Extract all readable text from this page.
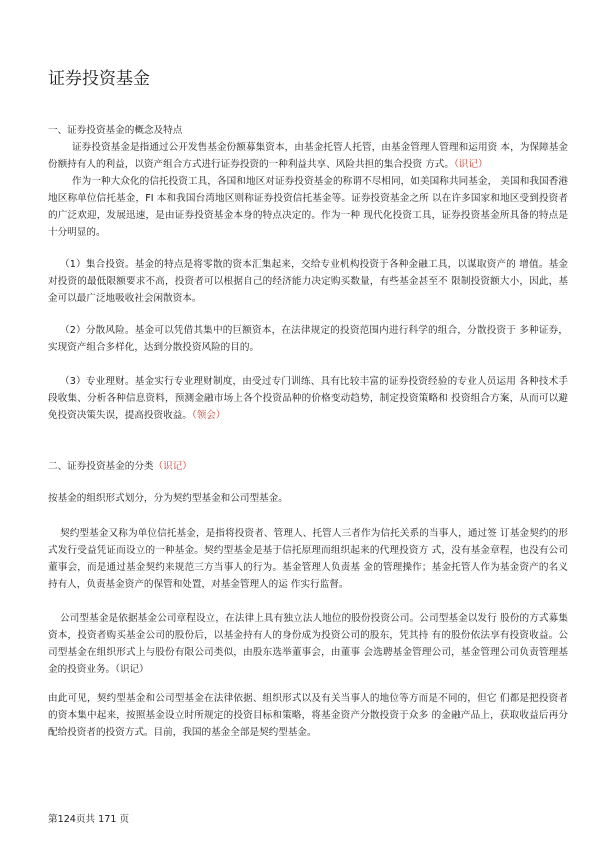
证券投资基金

一、证券投资基金的概念及特点

证券投资基金是指通过公开发售基金份额募集资本，由基金托管人托管，由基金管理人管理和运用资 本，为保障基金份额持有人的利益，以资产组合方式进行证券投资的一种利益共享、风险共担的集合投资 方式。（识记）

作为一种大众化的信托投资工具，各国和地区对证券投资基金的称谓不尽相同，如美国称共同基金， 美国和我国香港地区称单位信托基金，FI 本和我国台湾地区则称证券投资信托基金等。证券投资基金之所 以在许多国家和地区受到投资者的广泛欢迎，发展迅速，是由证券投资基金本身的特点决定的。作为一种 现代化投资工具，证券投资基金所具备的特点是十分明显的。

（1）集合投资。基金的特点是将零散的资本汇集起来，交给专业机构投资于各种金融工具，以谋取资产的 增值。基金对投资的最低限额要求不高，投资者可以根据自己的经济能力决定购买数量，有些基金甚至不 限制投资额大小，因此，基金可以最广泛地吸收社会闲散资本。

（2）分散风险。基金可以凭借其集中的巨额资本，在法律规定的投资范围内进行科学的组合，分散投资于 多种证券，实现资产组合多样化，达到分散投资风险的目的。

（3）专业理财。基金实行专业理财制度，由受过专门训练、具有比较丰富的证券投资经验的专业人员运用 各种技术手段收集、分析各种信息资料，预测金融市场上各个投资品种的价格变动趋势，制定投资策略和 投资组合方案，从而可以避免投资决策失误，提高投资收益。（领会）

二、证券投资基金的分类（识记）

按基金的组织形式划分，分为契约型基金和公司型基金。

契约型基金又称为单位信托基金，是指将投资者、管理人、托管人三者作为信托关系的当事人，通过签 订基金契约的形式发行受益凭证而设立的一种基金。契约型基金是基于信托原理而组织起来的代理投资方 式，没有基金章程，也没有公司董事会，而是通过基金契约来规范三方当事人的行为。基金管理人负责基 金的管理操作；基金托管人作为基金资产的名义持有人，负责基金资产的保管和处置，对基金管理人的运 作实行监督。

公司型基金是依据基金公司章程设立，在法律上具有独立法人地位的股份投资公司。公司型基金以发行 股份的方式募集资本，投资者购买基金公司的股份后，以基金持有人的身份成为投资公司的股东，凭其持 有的股份依法享有投资收益。公司型基金在组织形式上与股份有限公司类似，由股东选举董事会，由董事 会选聘基金管理公司，基金管理公司负责管理基金的投资业务。（识记）

由此可见，契约型基金和公司型基金在法律依据、组织形式以及有关当事人的地位等方而是不同的，但它 们都是把投资者的资本集中起来，按照基金设立时所规定的投资目标和策略，将基金资产分散投资于众多 的金融产品上，获取收益后再分配给投资者的投资方式。目前，我国的基金全部是契约型基金。

第124页共 171 页
